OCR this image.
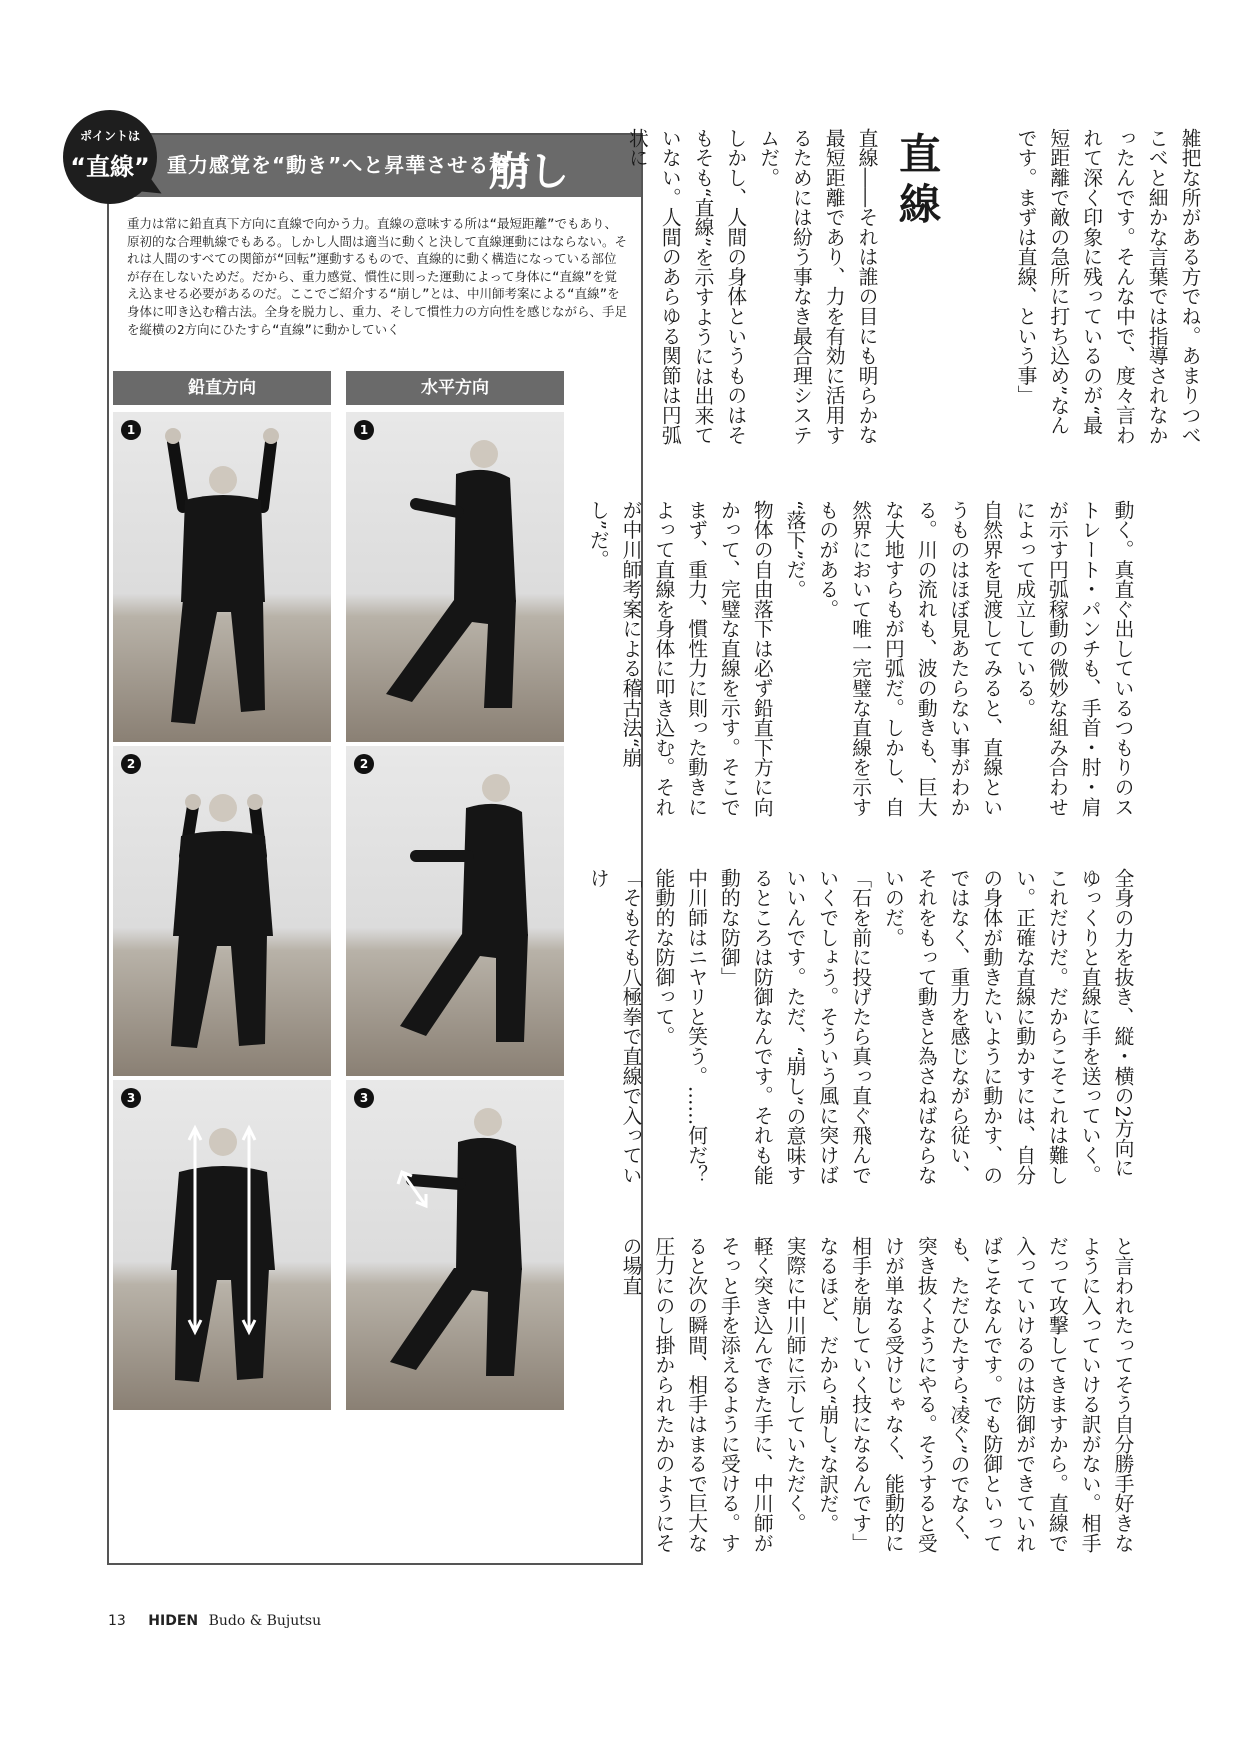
ポイントは
“直線” 重力感覚を“動き”へと昇華させる稽古
崩し
重力は常に鉛直真下方向に直線で向かう力。直線の意味する所は“最短距離”でもあり、原初的な合理軌線でもある。しかし人間は適当に動くと決して直線運動にはならない。それは人間のすべての関節が“回転”運動するもので、直線的に動く構造になっている部位が存在しないためだ。だから、重力感覚、慣性に則った運動によって身体に“直線”を覚え込ませる必要があるのだ。ここでご紹介する“崩し”とは、中川師考案による“直線”を身体に叩き込む稽古法。全身を脱力し、重力、そして慣性力の方向性を感じながら、手足を縦横の2方向にひたすら“直線”に動かしていく
鉛直方向	水平方向
1
2
3
1
2
3

雑把な所がある方でね。あまりつべこべと細かな言葉では指導されなかったんです。そんな中で、度々言われて深く印象に残っているのが“最短距離で敵の急所に打ち込め”なんです。まずは直線、という事」

直線

直線――それは誰の目にも明らかな最短距離であり、力を有効に活用するためには紛う事なき最合理システムだ。

しかし、人間の身体というものはそもそも“直線”を示すようには出来ていない。人間のあらゆる関節は円弧状に

動く。真直ぐ出しているつもりのストレート・パンチも、手首・肘・肩が示す円弧稼動の微妙な組み合わせによって成立している。

自然界を見渡してみると、直線というものはほぼ見あたらない事がわかる。川の流れも、波の動きも、巨大な大地すらもが円弧だ。しかし、自然界において唯一完璧な直線を示すものがある。

“落下”だ。

物体の自由落下は必ず鉛直下方に向かって、完璧な直線を示す。そこでまず、重力、慣性力に則った動きによって直線を身体に叩き込む。それが中川師考案による稽古法“崩し”だ。

全身の力を抜き、縦・横の2方向にゆっくりと直線に手を送っていく。

これだけだ。だからこそこれは難しい。正確な直線に動かすには、自分の身体が動きたいように動かす、のではなく、重力を感じながら従い、それをもって動きと為さねばならないのだ。

「石を前に投げたら真っ直ぐ飛んでいくでしょう。そういう風に突けばいいんです。ただ、“崩し”の意味するところは防御なんです。それも能動的な防御」

中川師はニヤリと笑う。……何だ？能動的な防御って。

「そもそも八極拳で直線で入っていけ

と言われたってそう自分勝手好きなように入っていける訳がない。相手だって攻撃してきますから。直線で入っていけるのは防御ができていればこそなんです。でも防御といっても、ただひたすら“凌ぐ”のでなく、突き抜くようにやる。そうすると受けが単なる受けじゃなく、能動的に相手を崩していく技になるんです」

なるほど、だから“崩し”な訳だ。

実際に中川師に示していただく。

軽く突き込んできた手に、中川師がそっと手を添えるように受ける。すると次の瞬間、相手はまるで巨大な圧力にのし掛かられたかのようにその場直

13 HIDEN Budo & Bujutsu
